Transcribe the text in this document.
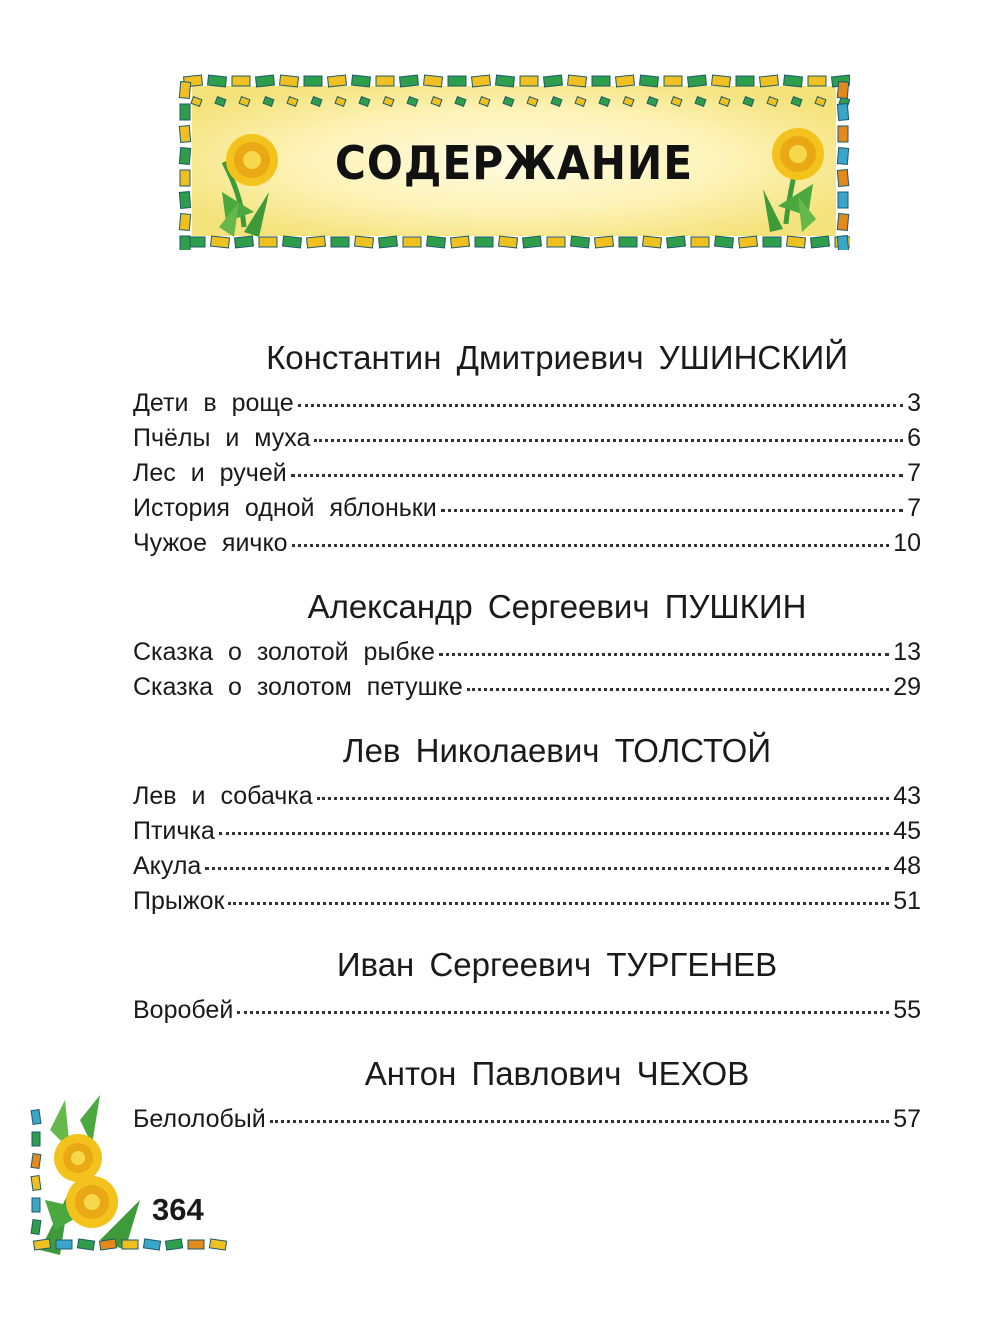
СОДЕРЖАНИЕ
Константин Дмитриевич УШИНСКИЙ
Дети в роще	3
Пчёлы и муха	6
Лес и ручей	7
История одной яблоньки	7
Чужое яичко	10
Александр Сергеевич ПУШКИН
Сказка о золотой рыбке	13
Сказка о золотом петушке	29
Лев Николаевич ТОЛСТОЙ
Лев и собачка	43
Птичка	45
Акула	48
Прыжок	51
Иван Сергеевич ТУРГЕНЕВ
Воробей	55
Антон Павлович ЧЕХОВ
Белолобый	57
364
